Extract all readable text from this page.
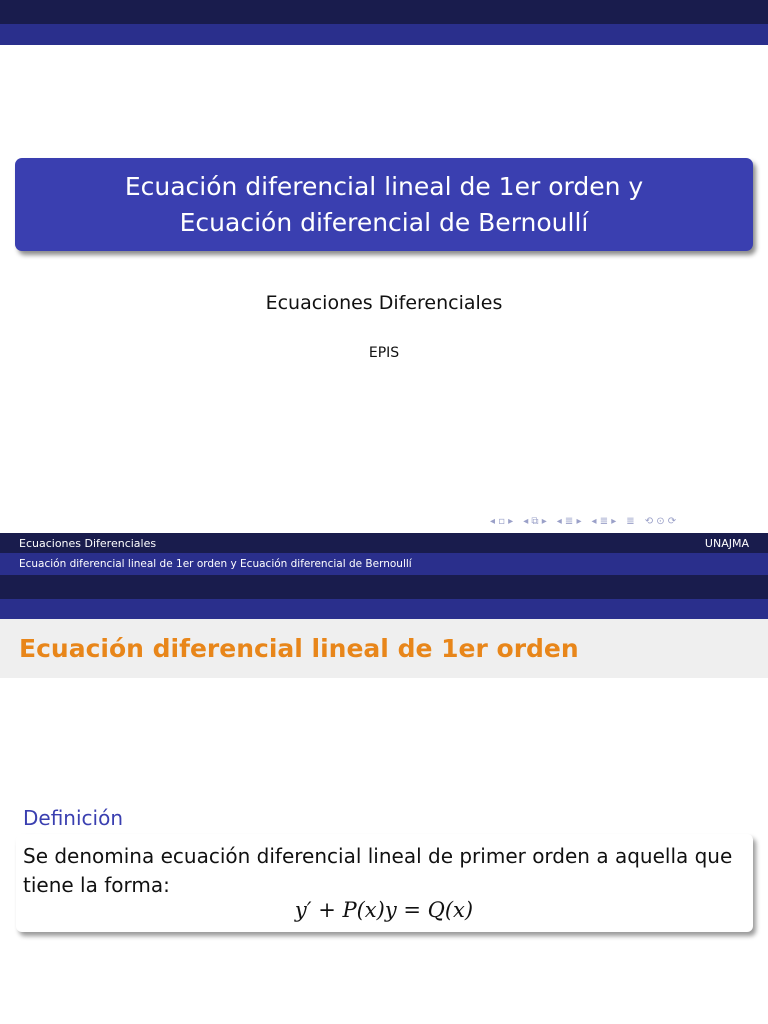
Ecuación diferencial lineal de 1er orden y
Ecuación diferencial de Bernoullí
Ecuaciones Diferenciales
EPIS
◂ ▫ ▸ ◂ ⧉ ▸ ◂ ≣ ▸ ◂ ≣ ▸ ≣ ⟲ ⊙ ⟳
Ecuaciones Diferenciales	UNAJMA
Ecuación diferencial lineal de 1er orden y Ecuación diferencial de Bernoullí
Ecuación diferencial lineal de 1er orden
Definición
Se denomina ecuación diferencial lineal de primer orden a aquella que tiene la forma:
y′ + P(x)y = Q(x)
